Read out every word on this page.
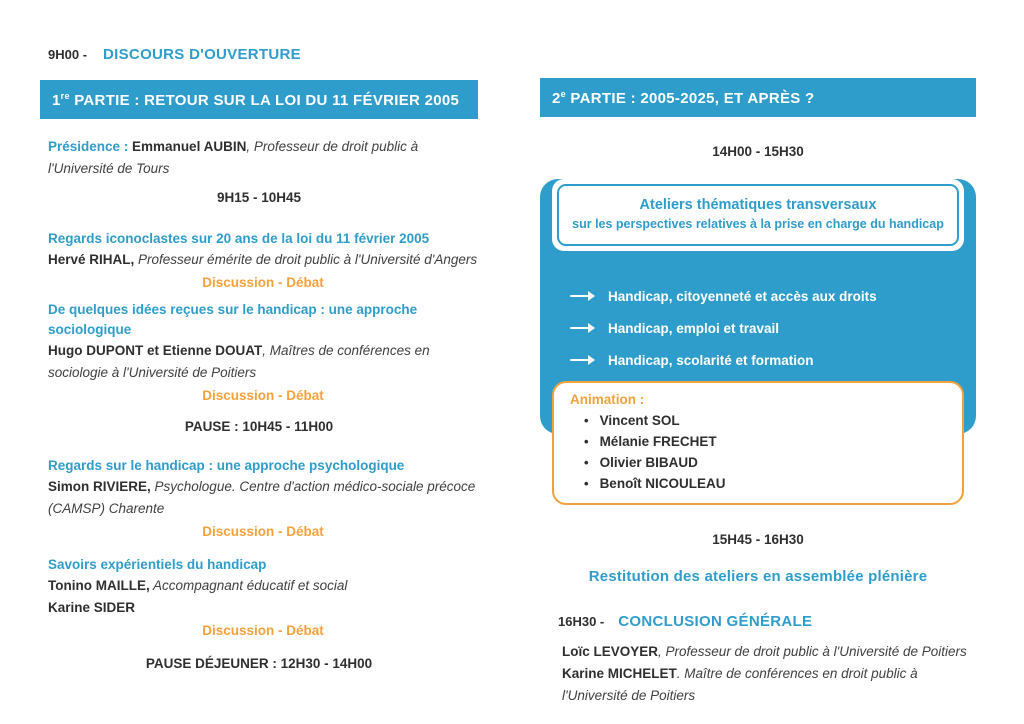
9H00 - DISCOURS D'OUVERTURE
1re PARTIE : RETOUR SUR LA LOI DU 11 FÉVRIER 2005

Présidence : Emmanuel AUBIN, Professeur de droit public à l'Université de Tours

9H15 - 10H45
Regards iconoclastes sur 20 ans de la loi du 11 février 2005
Hervé RIHAL, Professeur émérite de droit public à l'Université d'Angers
Discussion - Débat
De quelques idées reçues sur le handicap : une approche sociologique
Hugo DUPONT et Etienne DOUAT, Maîtres de conférences en sociologie à l'Université de Poitiers
Discussion - Débat
PAUSE : 10H45 - 11H00
Regards sur le handicap : une approche psychologique
Simon RIVIERE, Psychologue. Centre d'action médico-sociale précoce (CAMSP) Charente
Discussion - Débat
Savoirs expérientiels du handicap
Tonino MAILLE, Accompagnant éducatif et social
Karine SIDER
Discussion - Débat
PAUSE DÉJEUNER : 12H30 - 14H00
2e PARTIE : 2005-2025, ET APRÈS ?
14H00 - 15H30
Ateliers thématiques transversaux
sur les perspectives relatives à la prise en charge du handicap
Handicap, citoyenneté et accès aux droits
Handicap, emploi et travail
Handicap, scolarité et formation
Animation :
• Vincent SOL
• Mélanie FRECHET
• Olivier BIBAUD
• Benoît NICOULEAU
15H45 - 16H30
Restitution des ateliers en assemblée plénière
16H30 - CONCLUSION GÉNÉRALE
Loïc LEVOYER, Professeur de droit public à l'Université de Poitiers
Karine MICHELET. Maître de conférences en droit public à l'Université de Poitiers
